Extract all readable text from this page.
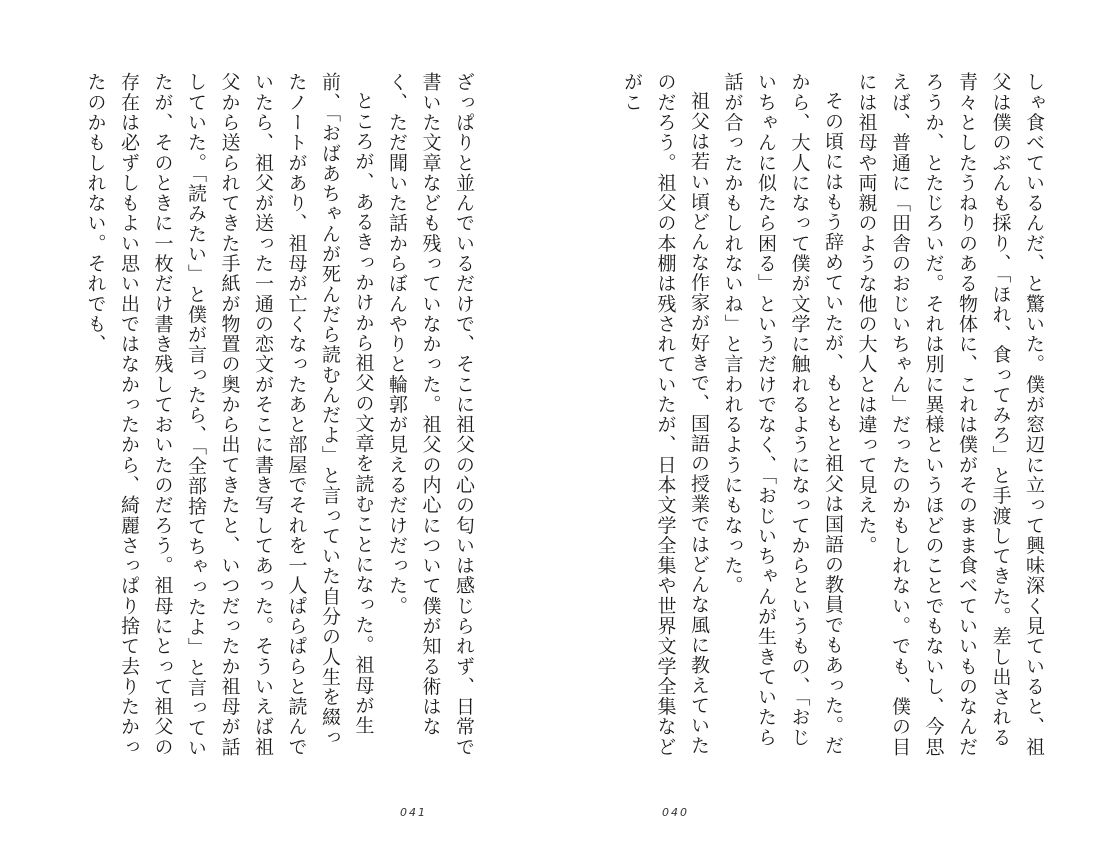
ざっぱりと並んでいるだけで、そこに祖父の心の匂いは感じられず、日常で書いた文章なども残っていなかった。祖父の内心について僕が知る術はなく、ただ聞いた話からぼんやりと輪郭が見えるだけだった。

ところが、あるきっかけから祖父の文章を読むことになった。祖母が生前、「おばあちゃんが死んだら読むんだよ」と言っていた自分の人生を綴ったノートがあり、祖母が亡くなったあと部屋でそれを一人ぱらぱらと読んでいたら、祖父が送った一通の恋文がそこに書き写してあった。そういえば祖父から送られてきた手紙が物置の奥から出てきたと、いつだったか祖母が話していた。「読みたい」と僕が言ったら、「全部捨てちゃったよ」と言っていたが、そのときに一枚だけ書き残しておいたのだろう。祖母にとって祖父の存在は必ずしもよい思い出ではなかったから、綺麗さっぱり捨て去りたかったのかもしれない。それでも、

041

しゃ食べているんだ、と驚いた。僕が窓辺に立って興味深く見ていると、祖父は僕のぶんも採り、「ほれ、食ってみろ」と手渡してきた。差し出される青々としたうねりのある物体に、これは僕がそのまま食べていいものなんだろうか、とたじろいだ。それは別に異様というほどのことでもないし、今思えば、普通に「田舎のおじいちゃん」だったのかもしれない。でも、僕の目には祖母や両親のような他の大人とは違って見えた。

その頃にはもう辞めていたが、もともと祖父は国語の教員でもあった。だから、大人になって僕が文学に触れるようになってからというもの、「おじいちゃんに似たら困る」というだけでなく、「おじいちゃんが生きていたら話が合ったかもしれないね」と言われるようにもなった。

祖父は若い頃どんな作家が好きで、国語の授業ではどんな風に教えていたのだろう。祖父の本棚は残されていたが、日本文学全集や世界文学全集などがこ

040
